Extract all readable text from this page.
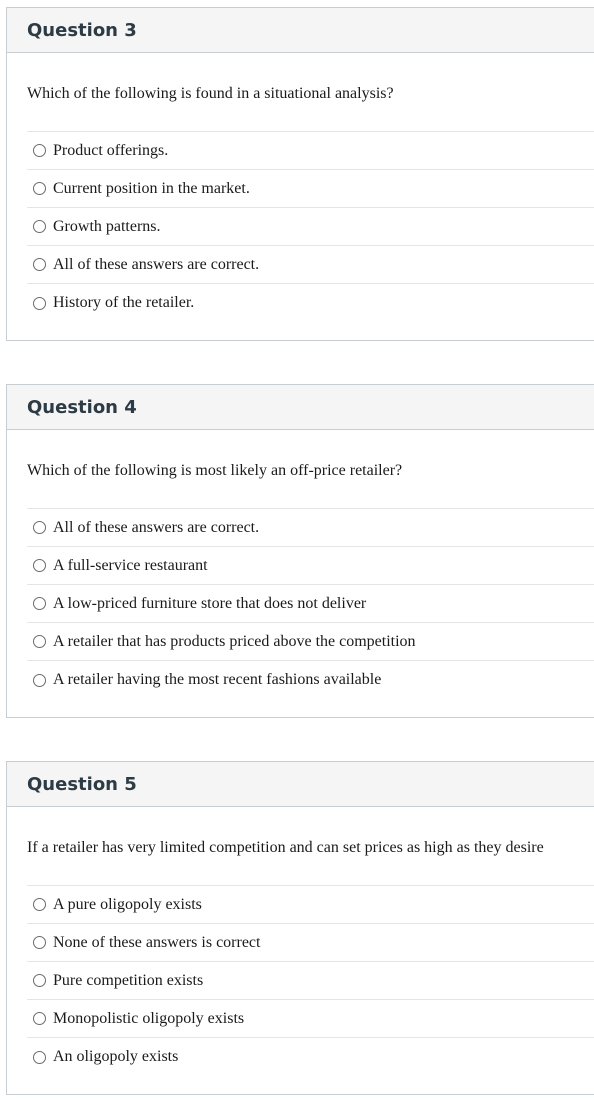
Question 3
Which of the following is found in a situational analysis?
Product offerings.
Current position in the market.
Growth patterns.
All of these answers are correct.
History of the retailer.
Question 4
Which of the following is most likely an off-price retailer?
All of these answers are correct.
A full-service restaurant
A low-priced furniture store that does not deliver
A retailer that has products priced above the competition
A retailer having the most recent fashions available
Question 5
If a retailer has very limited competition and can set prices as high as they desire
A pure oligopoly exists
None of these answers is correct
Pure competition exists
Monopolistic oligopoly exists
An oligopoly exists
